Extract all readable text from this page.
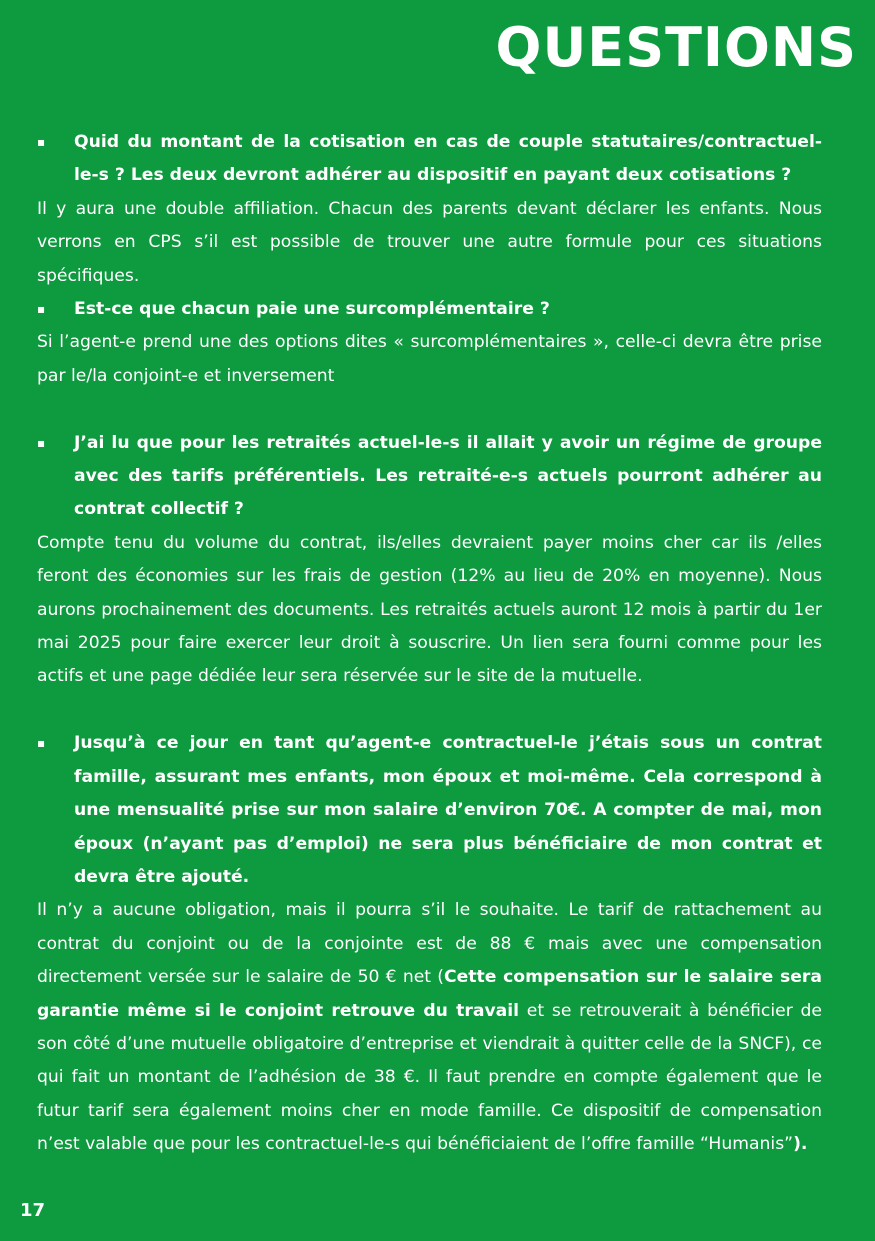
QUESTIONS
▪ Quid du montant de la cotisation en cas de couple statutaires/contractuel-le-s ? Les deux devront adhérer au dispositif en payant deux cotisations ?
Il y aura une double affiliation. Chacun des parents devant déclarer les enfants. Nous verrons en CPS s’il est possible de trouver une autre formule pour ces situations spécifiques.
▪ Est-ce que chacun paie une surcomplémentaire ?
Si l’agent-e prend une des options dites « surcomplémentaires », celle-ci devra être prise par le/la conjoint-e et inversement
▪ J’ai lu que pour les retraités actuel-le-s il allait y avoir un régime de groupe avec des tarifs préférentiels. Les retraité-e-s actuels pourront adhérer au contrat collectif ?
Compte tenu du volume du contrat, ils/elles devraient payer moins cher car ils /elles feront des économies sur les frais de gestion (12% au lieu de 20% en moyenne). Nous aurons prochainement des documents. Les retraités actuels auront 12 mois à partir du 1er mai 2025 pour faire exercer leur droit à souscrire. Un lien sera fourni comme pour les actifs et une page dédiée leur sera réservée sur le site de la mutuelle.
▪ Jusqu’à ce jour en tant qu’agent-e contractuel-le j’étais sous un contrat famille, assurant mes enfants, mon époux et moi-même. Cela correspond à une mensualité prise sur mon salaire d’environ 70€. A compter de mai, mon époux (n’ayant pas d’emploi) ne sera plus bénéficiaire de mon contrat et devra être ajouté.
Il n’y a aucune obligation, mais il pourra s’il le souhaite. Le tarif de rattachement au contrat du conjoint ou de la conjointe est de 88 € mais avec une compensation directement versée sur le salaire de 50 € net (Cette compensation sur le salaire sera garantie même si le conjoint retrouve du travail et se retrouverait à bénéficier de son côté d’une mutuelle obligatoire d’entreprise et viendrait à quitter celle de la SNCF), ce qui fait un montant de l’adhésion de 38 €. Il faut prendre en compte également que le futur tarif sera également moins cher en mode famille. Ce dispositif de compensation n’est valable que pour les contractuel-le-s qui bénéficiaient de l’offre famille “Humanis”).
17
